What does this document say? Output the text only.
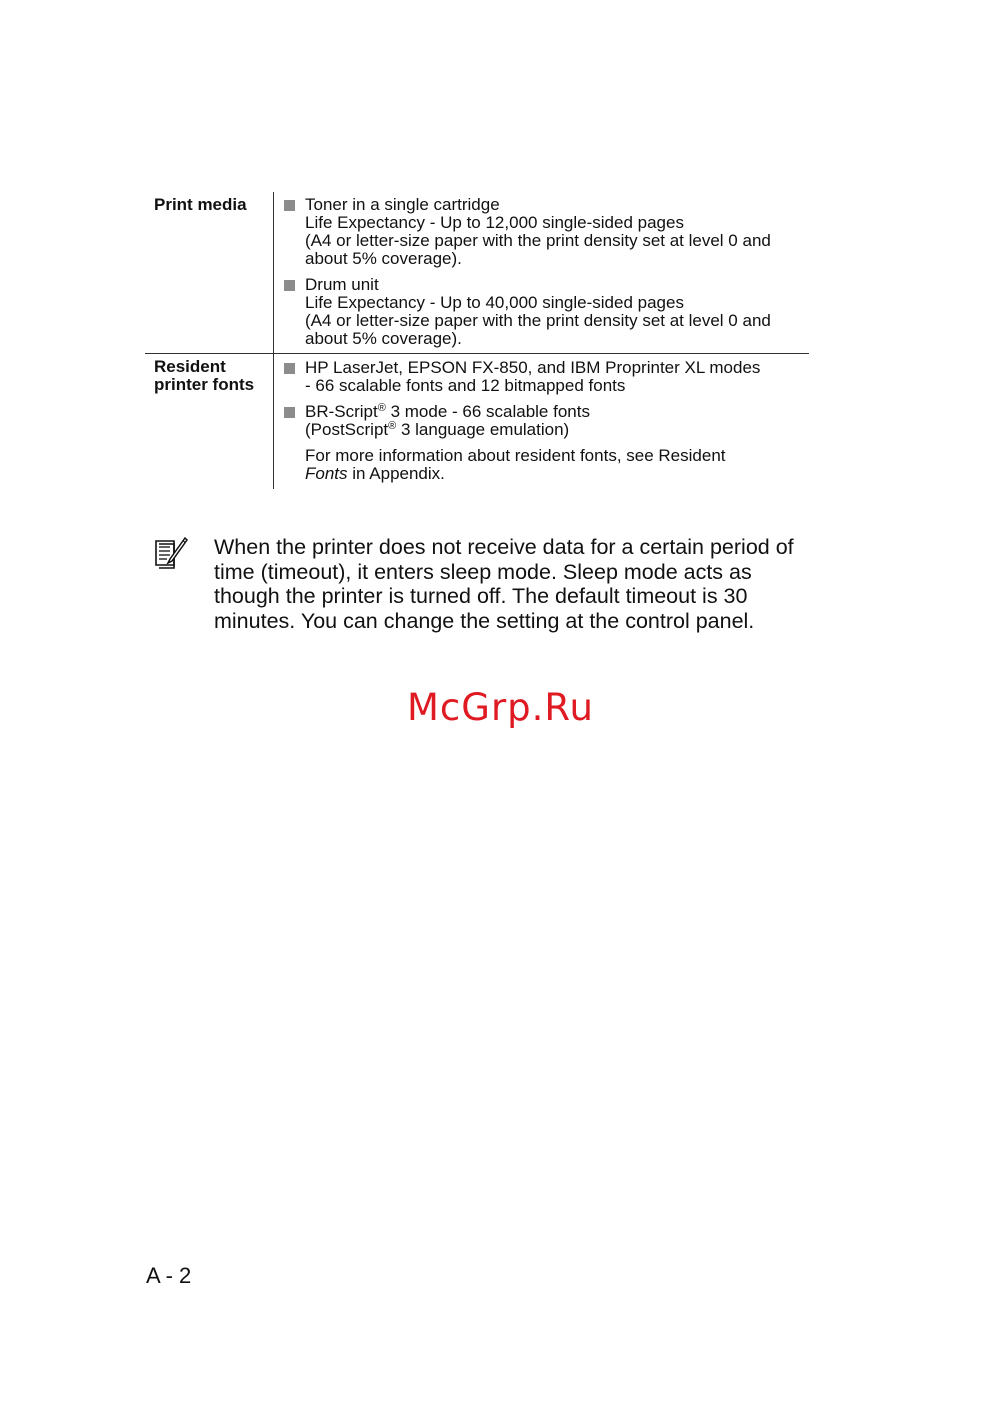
Print media	Toner in a single cartridge
Life Expectancy - Up to 12,000 single-sided pages
(A4 or letter-size paper with the print density set at level 0 and
about 5% coverage).
Drum unit
Life Expectancy - Up to 40,000 single-sided pages
(A4 or letter-size paper with the print density set at level 0 and
about 5% coverage).
Resident
printer fonts
HP LaserJet, EPSON FX-850, and IBM Proprinter XL modes
- 66 scalable fonts and 12 bitmapped fonts
BR-Script® 3 mode - 66 scalable fonts
(PostScript® 3 language emulation)
For more information about resident fonts, see Resident
Fonts in Appendix.
When the printer does not receive data for a certain period of
time (timeout), it enters sleep mode. Sleep mode acts as
though the printer is turned off. The default timeout is 30
minutes. You can change the setting at the control panel.
McGrp.Ru
A - 2
